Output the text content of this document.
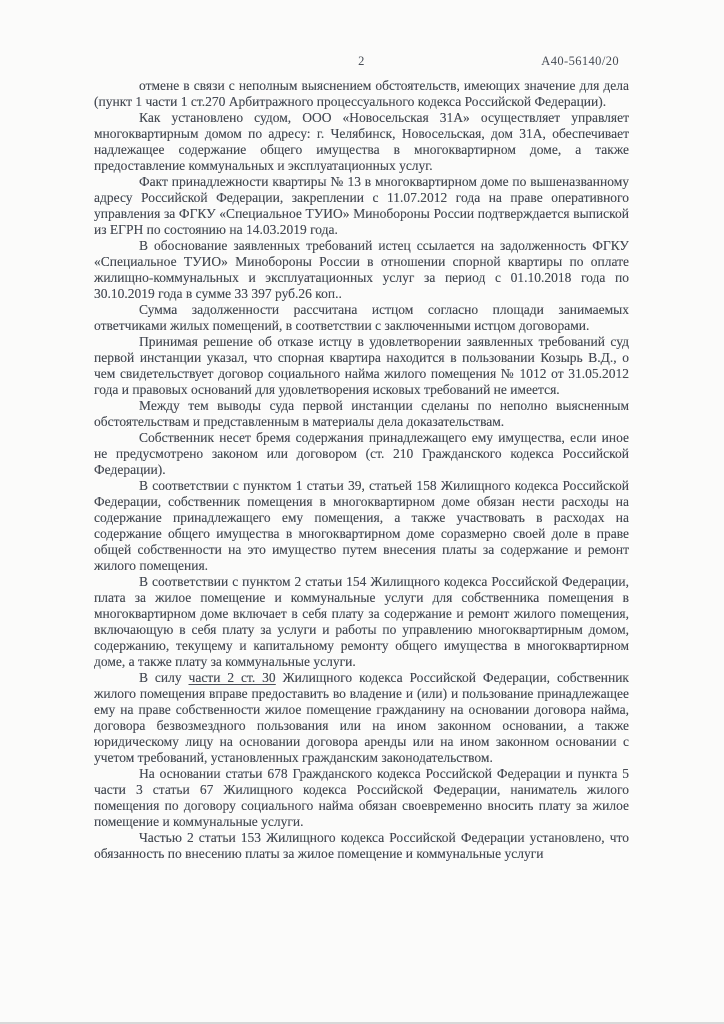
2	А40-56140/20

отмене в связи с неполным выяснением обстоятельств, имеющих значение для дела (пункт 1 части 1 ст.270 Арбитражного процессуального кодекса Российской Федерации).

Как установлено судом, ООО «Новосельская 31А» осуществляет управляет многоквартирным домом по адресу: г. Челябинск, Новосельская, дом 31А, обеспечивает надлежащее содержание общего имущества в многоквартирном доме, а также предоставление коммунальных и эксплуатационных услуг.

Факт принадлежности квартиры № 13 в многоквартирном доме по вышеназванному адресу Российской Федерации, закреплении с 11.07.2012 года на праве оперативного управления за ФГКУ «Специальное ТУИО» Минобороны России подтверждается выпиской из ЕГРН по состоянию на 14.03.2019 года.

В обоснование заявленных требований истец ссылается на задолженность ФГКУ «Специальное ТУИО» Минобороны России в отношении спорной квартиры по оплате жилищно-коммунальных и эксплуатационных услуг за период с 01.10.2018 года по 30.10.2019 года в сумме 33 397 руб.26 коп..

Сумма задолженности рассчитана истцом согласно площади занимаемых ответчиками жилых помещений, в соответствии с заключенными истцом договорами.

Принимая решение об отказе истцу в удовлетворении заявленных требований суд первой инстанции указал, что спорная квартира находится в пользовании Козырь В.Д., о чем свидетельствует договор социального найма жилого помещения № 1012 от 31.05.2012 года и правовых оснований для удовлетворения исковых требований не имеется.

Между тем выводы суда первой инстанции сделаны по неполно выясненным обстоятельствам и представленным в материалы дела доказательствам.

Собственник несет бремя содержания принадлежащего ему имущества, если иное не предусмотрено законом или договором (ст. 210 Гражданского кодекса Российской Федерации).

В соответствии с пунктом 1 статьи 39, статьей 158 Жилищного кодекса Российской Федерации, собственник помещения в многоквартирном доме обязан нести расходы на содержание принадлежащего ему помещения, а также участвовать в расходах на содержание общего имущества в многоквартирном доме соразмерно своей доле в праве общей собственности на это имущество путем внесения платы за содержание и ремонт жилого помещения.

В соответствии с пунктом 2 статьи 154 Жилищного кодекса Российской Федерации, плата за жилое помещение и коммунальные услуги для собственника помещения в многоквартирном доме включает в себя плату за содержание и ремонт жилого помещения, включающую в себя плату за услуги и работы по управлению многоквартирным домом, содержанию, текущему и капитальному ремонту общего имущества в многоквартирном доме, а также плату за коммунальные услуги.

В силу части 2 ст. 30 Жилищного кодекса Российской Федерации, собственник жилого помещения вправе предоставить во владение и (или) и пользование принадлежащее ему на праве собственности жилое помещение гражданину на основании договора найма, договора безвозмездного пользования или на ином законном основании, а также юридическому лицу на основании договора аренды или на ином законном основании с учетом требований, установленных гражданским законодательством.

На основании статьи 678 Гражданского кодекса Российской Федерации и пункта 5 части 3 статьи 67 Жилищного кодекса Российской Федерации, наниматель жилого помещения по договору социального найма обязан своевременно вносить плату за жилое помещение и коммунальные услуги.

Частью 2 статьи 153 Жилищного кодекса Российской Федерации установлено, что обязанность по внесению платы за жилое помещение и коммунальные услуги
